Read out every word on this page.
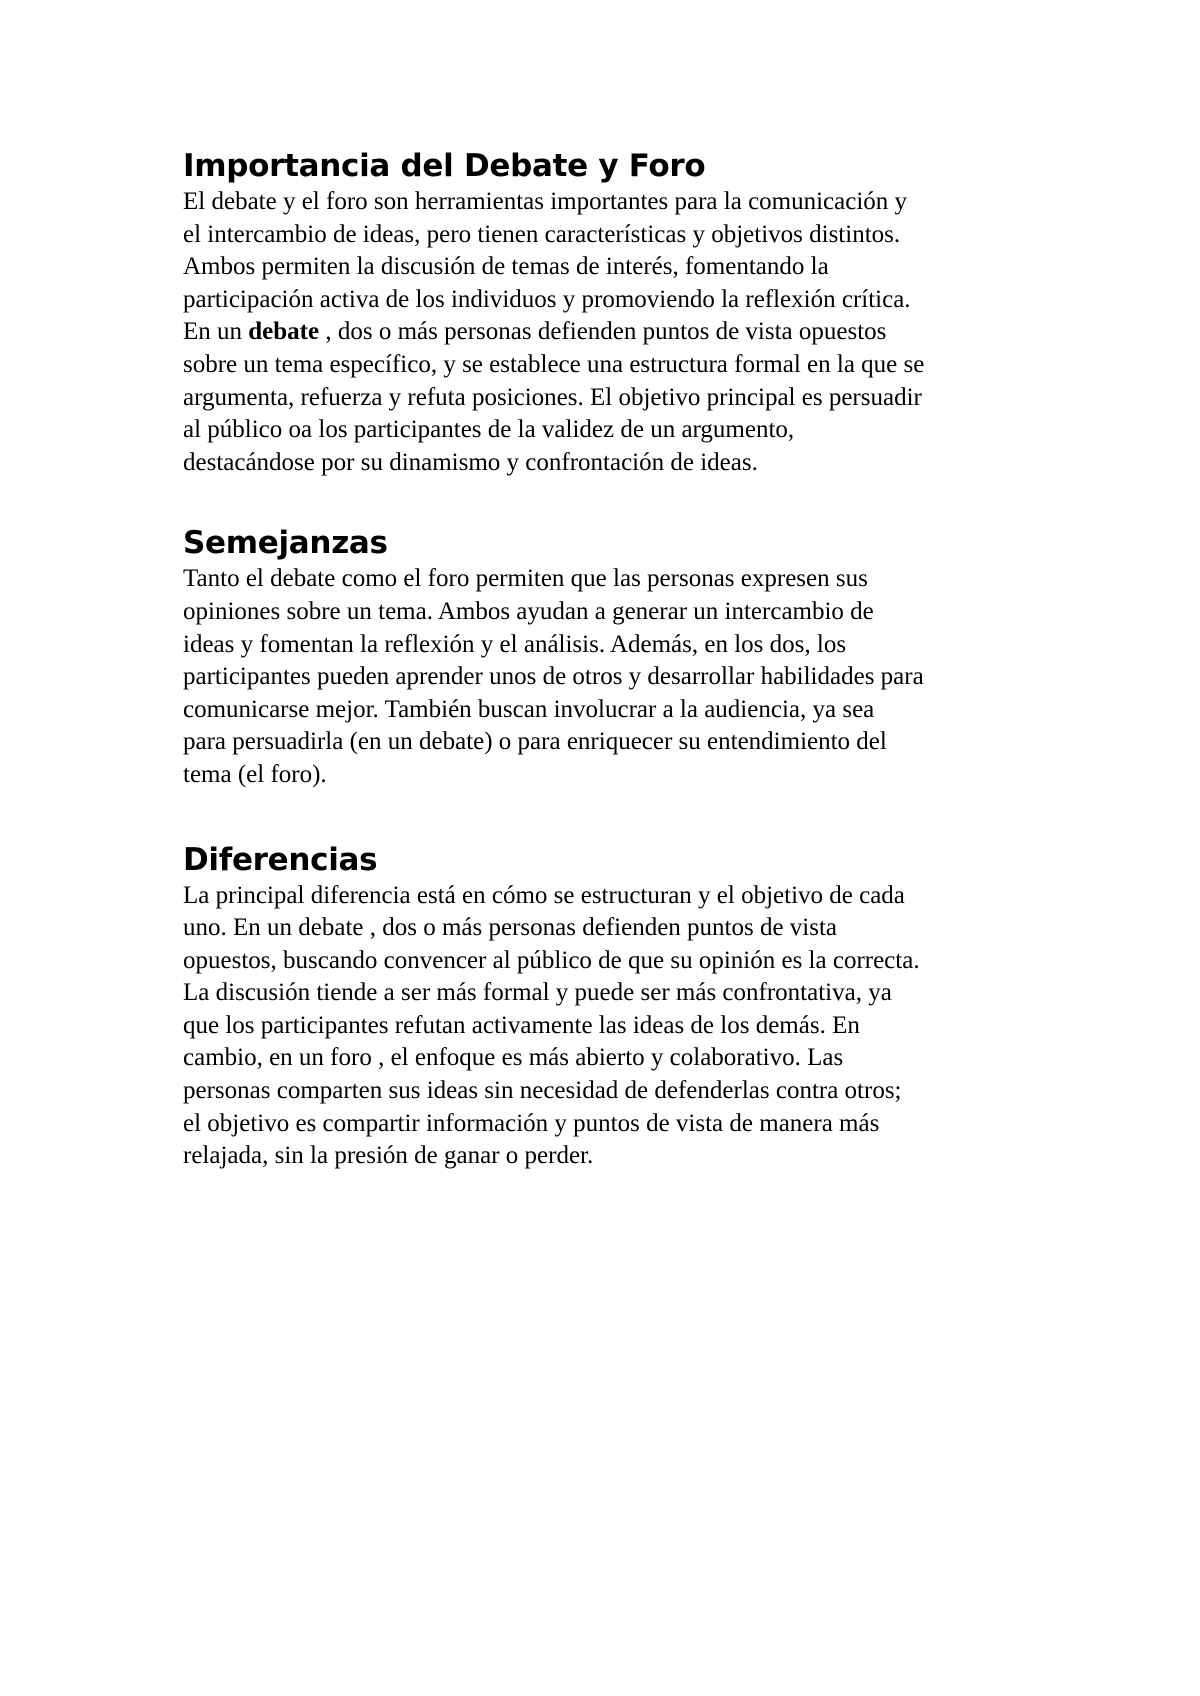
Importancia del Debate y Foro

El debate y el foro son herramientas importantes para la comunicación y
el intercambio de ideas, pero tienen características y objetivos distintos.
Ambos permiten la discusión de temas de interés, fomentando la
participación activa de los individuos y promoviendo la reflexión crítica.
En un debate , dos o más personas defienden puntos de vista opuestos
sobre un tema específico, y se establece una estructura formal en la que se
argumenta, refuerza y refuta posiciones. El objetivo principal es persuadir
al público oa los participantes de la validez de un argumento,
destacándose por su dinamismo y confrontación de ideas.

Semejanzas

Tanto el debate como el foro permiten que las personas expresen sus
opiniones sobre un tema. Ambos ayudan a generar un intercambio de
ideas y fomentan la reflexión y el análisis. Además, en los dos, los
participantes pueden aprender unos de otros y desarrollar habilidades para
comunicarse mejor. También buscan involucrar a la audiencia, ya sea
para persuadirla (en un debate) o para enriquecer su entendimiento del
tema (el foro).

Diferencias

La principal diferencia está en cómo se estructuran y el objetivo de cada
uno. En un debate , dos o más personas defienden puntos de vista
opuestos, buscando convencer al público de que su opinión es la correcta.
La discusión tiende a ser más formal y puede ser más confrontativa, ya
que los participantes refutan activamente las ideas de los demás. En
cambio, en un foro , el enfoque es más abierto y colaborativo. Las
personas comparten sus ideas sin necesidad de defenderlas contra otros;
el objetivo es compartir información y puntos de vista de manera más
relajada, sin la presión de ganar o perder.
